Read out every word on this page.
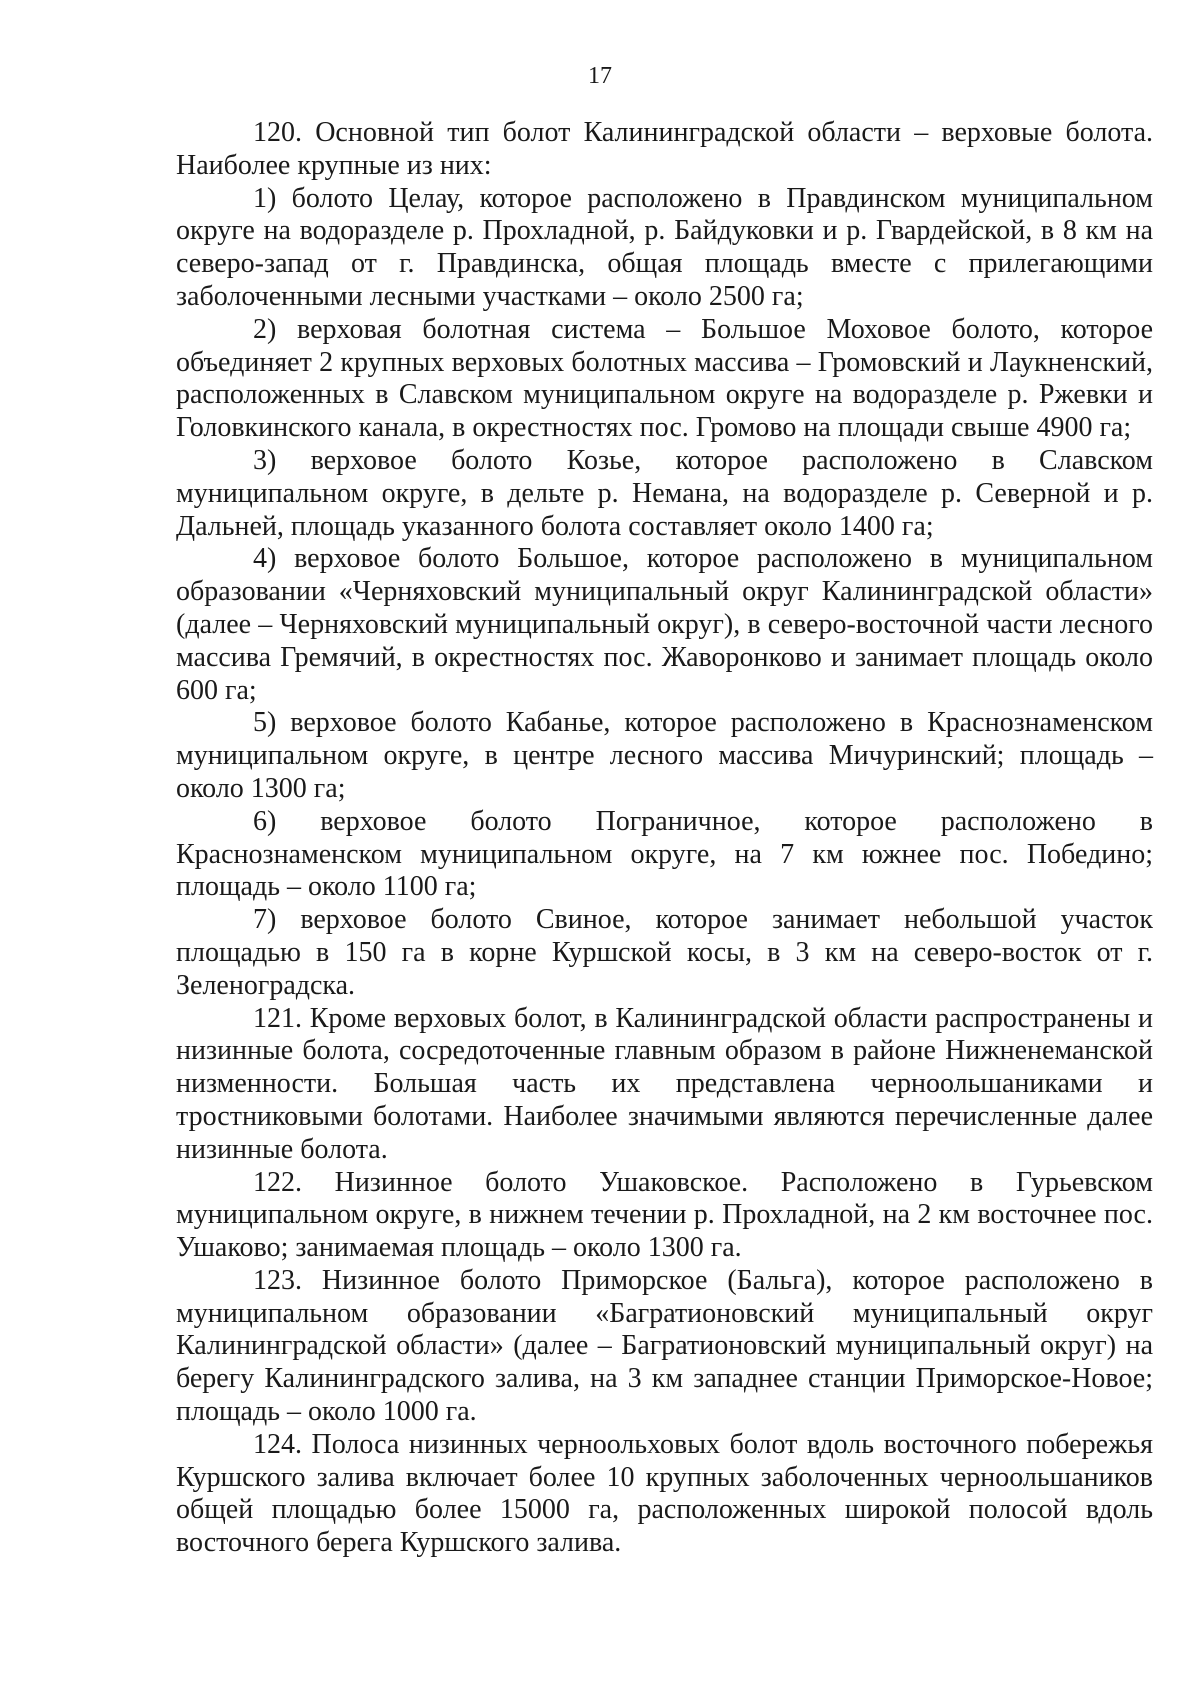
17

120. Основной тип болот Калининградской области – верховые болота. Наиболее крупные из них:

1) болото Целау, которое расположено в Правдинском муниципальном округе на водоразделе р. Прохладной, р. Байдуковки и р. Гвардейской, в 8 км на северо-запад от г. Правдинска, общая площадь вместе с прилегающими заболоченными лесными участками – около 2500 га;

2) верховая болотная система – Большое Моховое болото, которое объединяет 2 крупных верховых болотных массива – Громовский и Лаукненский, расположенных в Славском муниципальном округе на водоразделе р. Ржевки и Головкинского канала, в окрестностях пос. Громово на площади свыше 4900 га;

3) верховое болото Козье, которое расположено в Славском муниципальном округе, в дельте р. Немана, на водоразделе р. Северной и р. Дальней, площадь указанного болота составляет около 1400 га;

4) верховое болото Большое, которое расположено в муниципальном образовании «Черняховский муниципальный округ Калининградской области» (далее – Черняховский муниципальный округ), в северо-восточной части лесного массива Гремячий, в окрестностях пос. Жаворонково и занимает площадь около 600 га;

5) верховое болото Кабанье, которое расположено в Краснознаменском муниципальном округе, в центре лесного массива Мичуринский; площадь – около 1300 га;

6) верховое болото Пограничное, которое расположено в Краснознаменском муниципальном округе, на 7 км южнее пос. Победино; площадь – около 1100 га;

7) верховое болото Свиное, которое занимает небольшой участок площадью в 150 га в корне Куршской косы, в 3 км на северо-восток от г. Зеленоградска.

121. Кроме верховых болот, в Калининградской области распространены и низинные болота, сосредоточенные главным образом в районе Нижненеманской низменности. Большая часть их представлена черноольшаниками и тростниковыми болотами. Наиболее значимыми являются перечисленные далее низинные болота.

122. Низинное болото Ушаковское. Расположено в Гурьевском муниципальном округе, в нижнем течении р. Прохладной, на 2 км восточнее пос. Ушаково; занимаемая площадь – около 1300 га.

123. Низинное болото Приморское (Бальга), которое расположено в муниципальном образовании «Багратионовский муниципальный округ Калининградской области» (далее – Багратионовский муниципальный округ) на берегу Калининградского залива, на 3 км западнее станции Приморское-Новое; площадь – около 1000 га.

124. Полоса низинных черноольховых болот вдоль восточного побережья Куршского залива включает более 10 крупных заболоченных черноольшаников общей площадью более 15000 га, расположенных широкой полосой вдоль восточного берега Куршского залива.
